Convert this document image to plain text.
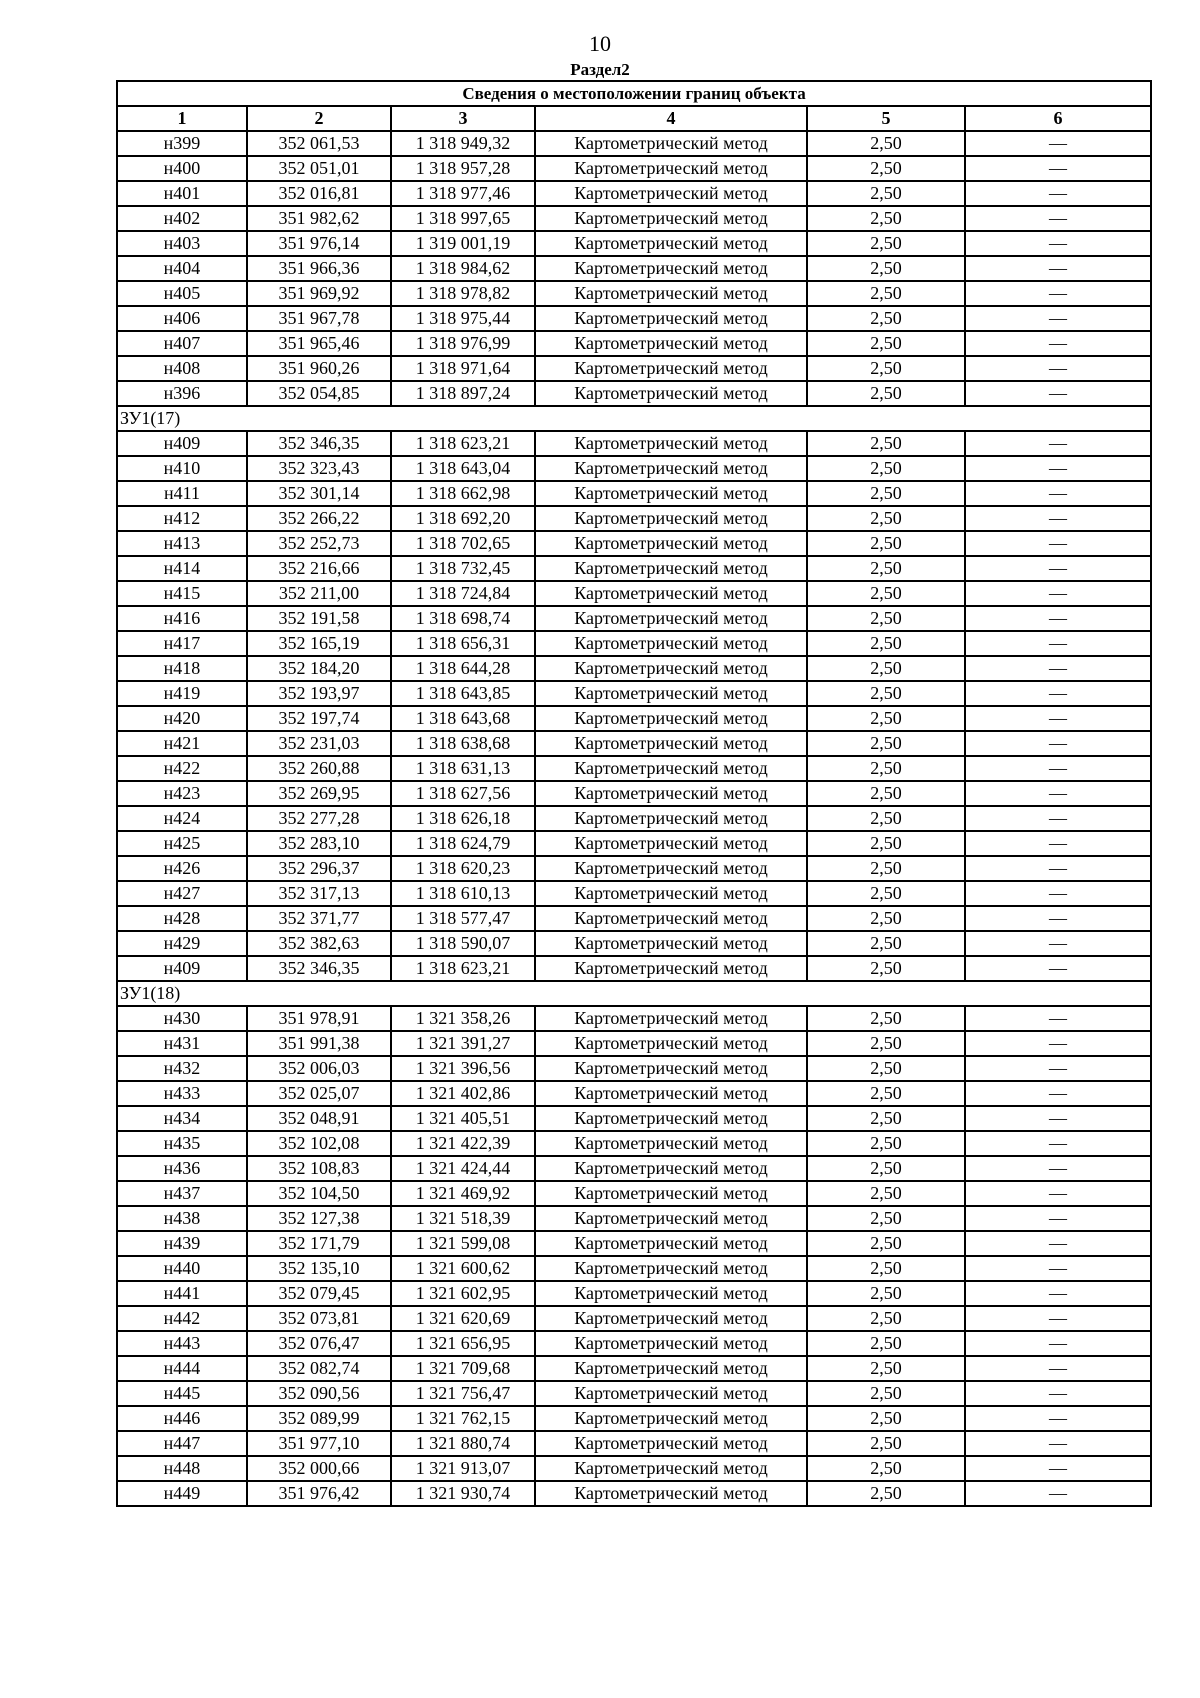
10
Раздел2
Сведения о местоположении границ объекта					
1	2	3	4	5	6
н399	352 061,53	1 318 949,32	Картометрический метод	2,50	—
н400	352 051,01	1 318 957,28	Картометрический метод	2,50	—
н401	352 016,81	1 318 977,46	Картометрический метод	2,50	—
н402	351 982,62	1 318 997,65	Картометрический метод	2,50	—
н403	351 976,14	1 319 001,19	Картометрический метод	2,50	—
н404	351 966,36	1 318 984,62	Картометрический метод	2,50	—
н405	351 969,92	1 318 978,82	Картометрический метод	2,50	—
н406	351 967,78	1 318 975,44	Картометрический метод	2,50	—
н407	351 965,46	1 318 976,99	Картометрический метод	2,50	—
н408	351 960,26	1 318 971,64	Картометрический метод	2,50	—
н396	352 054,85	1 318 897,24	Картометрический метод	2,50	—
ЗУ1(17)					
н409	352 346,35	1 318 623,21	Картометрический метод	2,50	—
н410	352 323,43	1 318 643,04	Картометрический метод	2,50	—
н411	352 301,14	1 318 662,98	Картометрический метод	2,50	—
н412	352 266,22	1 318 692,20	Картометрический метод	2,50	—
н413	352 252,73	1 318 702,65	Картометрический метод	2,50	—
н414	352 216,66	1 318 732,45	Картометрический метод	2,50	—
н415	352 211,00	1 318 724,84	Картометрический метод	2,50	—
н416	352 191,58	1 318 698,74	Картометрический метод	2,50	—
н417	352 165,19	1 318 656,31	Картометрический метод	2,50	—
н418	352 184,20	1 318 644,28	Картометрический метод	2,50	—
н419	352 193,97	1 318 643,85	Картометрический метод	2,50	—
н420	352 197,74	1 318 643,68	Картометрический метод	2,50	—
н421	352 231,03	1 318 638,68	Картометрический метод	2,50	—
н422	352 260,88	1 318 631,13	Картометрический метод	2,50	—
н423	352 269,95	1 318 627,56	Картометрический метод	2,50	—
н424	352 277,28	1 318 626,18	Картометрический метод	2,50	—
н425	352 283,10	1 318 624,79	Картометрический метод	2,50	—
н426	352 296,37	1 318 620,23	Картометрический метод	2,50	—
н427	352 317,13	1 318 610,13	Картометрический метод	2,50	—
н428	352 371,77	1 318 577,47	Картометрический метод	2,50	—
н429	352 382,63	1 318 590,07	Картометрический метод	2,50	—
н409	352 346,35	1 318 623,21	Картометрический метод	2,50	—
ЗУ1(18)					
н430	351 978,91	1 321 358,26	Картометрический метод	2,50	—
н431	351 991,38	1 321 391,27	Картометрический метод	2,50	—
н432	352 006,03	1 321 396,56	Картометрический метод	2,50	—
н433	352 025,07	1 321 402,86	Картометрический метод	2,50	—
н434	352 048,91	1 321 405,51	Картометрический метод	2,50	—
н435	352 102,08	1 321 422,39	Картометрический метод	2,50	—
н436	352 108,83	1 321 424,44	Картометрический метод	2,50	—
н437	352 104,50	1 321 469,92	Картометрический метод	2,50	—
н438	352 127,38	1 321 518,39	Картометрический метод	2,50	—
н439	352 171,79	1 321 599,08	Картометрический метод	2,50	—
н440	352 135,10	1 321 600,62	Картометрический метод	2,50	—
н441	352 079,45	1 321 602,95	Картометрический метод	2,50	—
н442	352 073,81	1 321 620,69	Картометрический метод	2,50	—
н443	352 076,47	1 321 656,95	Картометрический метод	2,50	—
н444	352 082,74	1 321 709,68	Картометрический метод	2,50	—
н445	352 090,56	1 321 756,47	Картометрический метод	2,50	—
н446	352 089,99	1 321 762,15	Картометрический метод	2,50	—
н447	351 977,10	1 321 880,74	Картометрический метод	2,50	—
н448	352 000,66	1 321 913,07	Картометрический метод	2,50	—
н449	351 976,42	1 321 930,74	Картометрический метод	2,50	—
